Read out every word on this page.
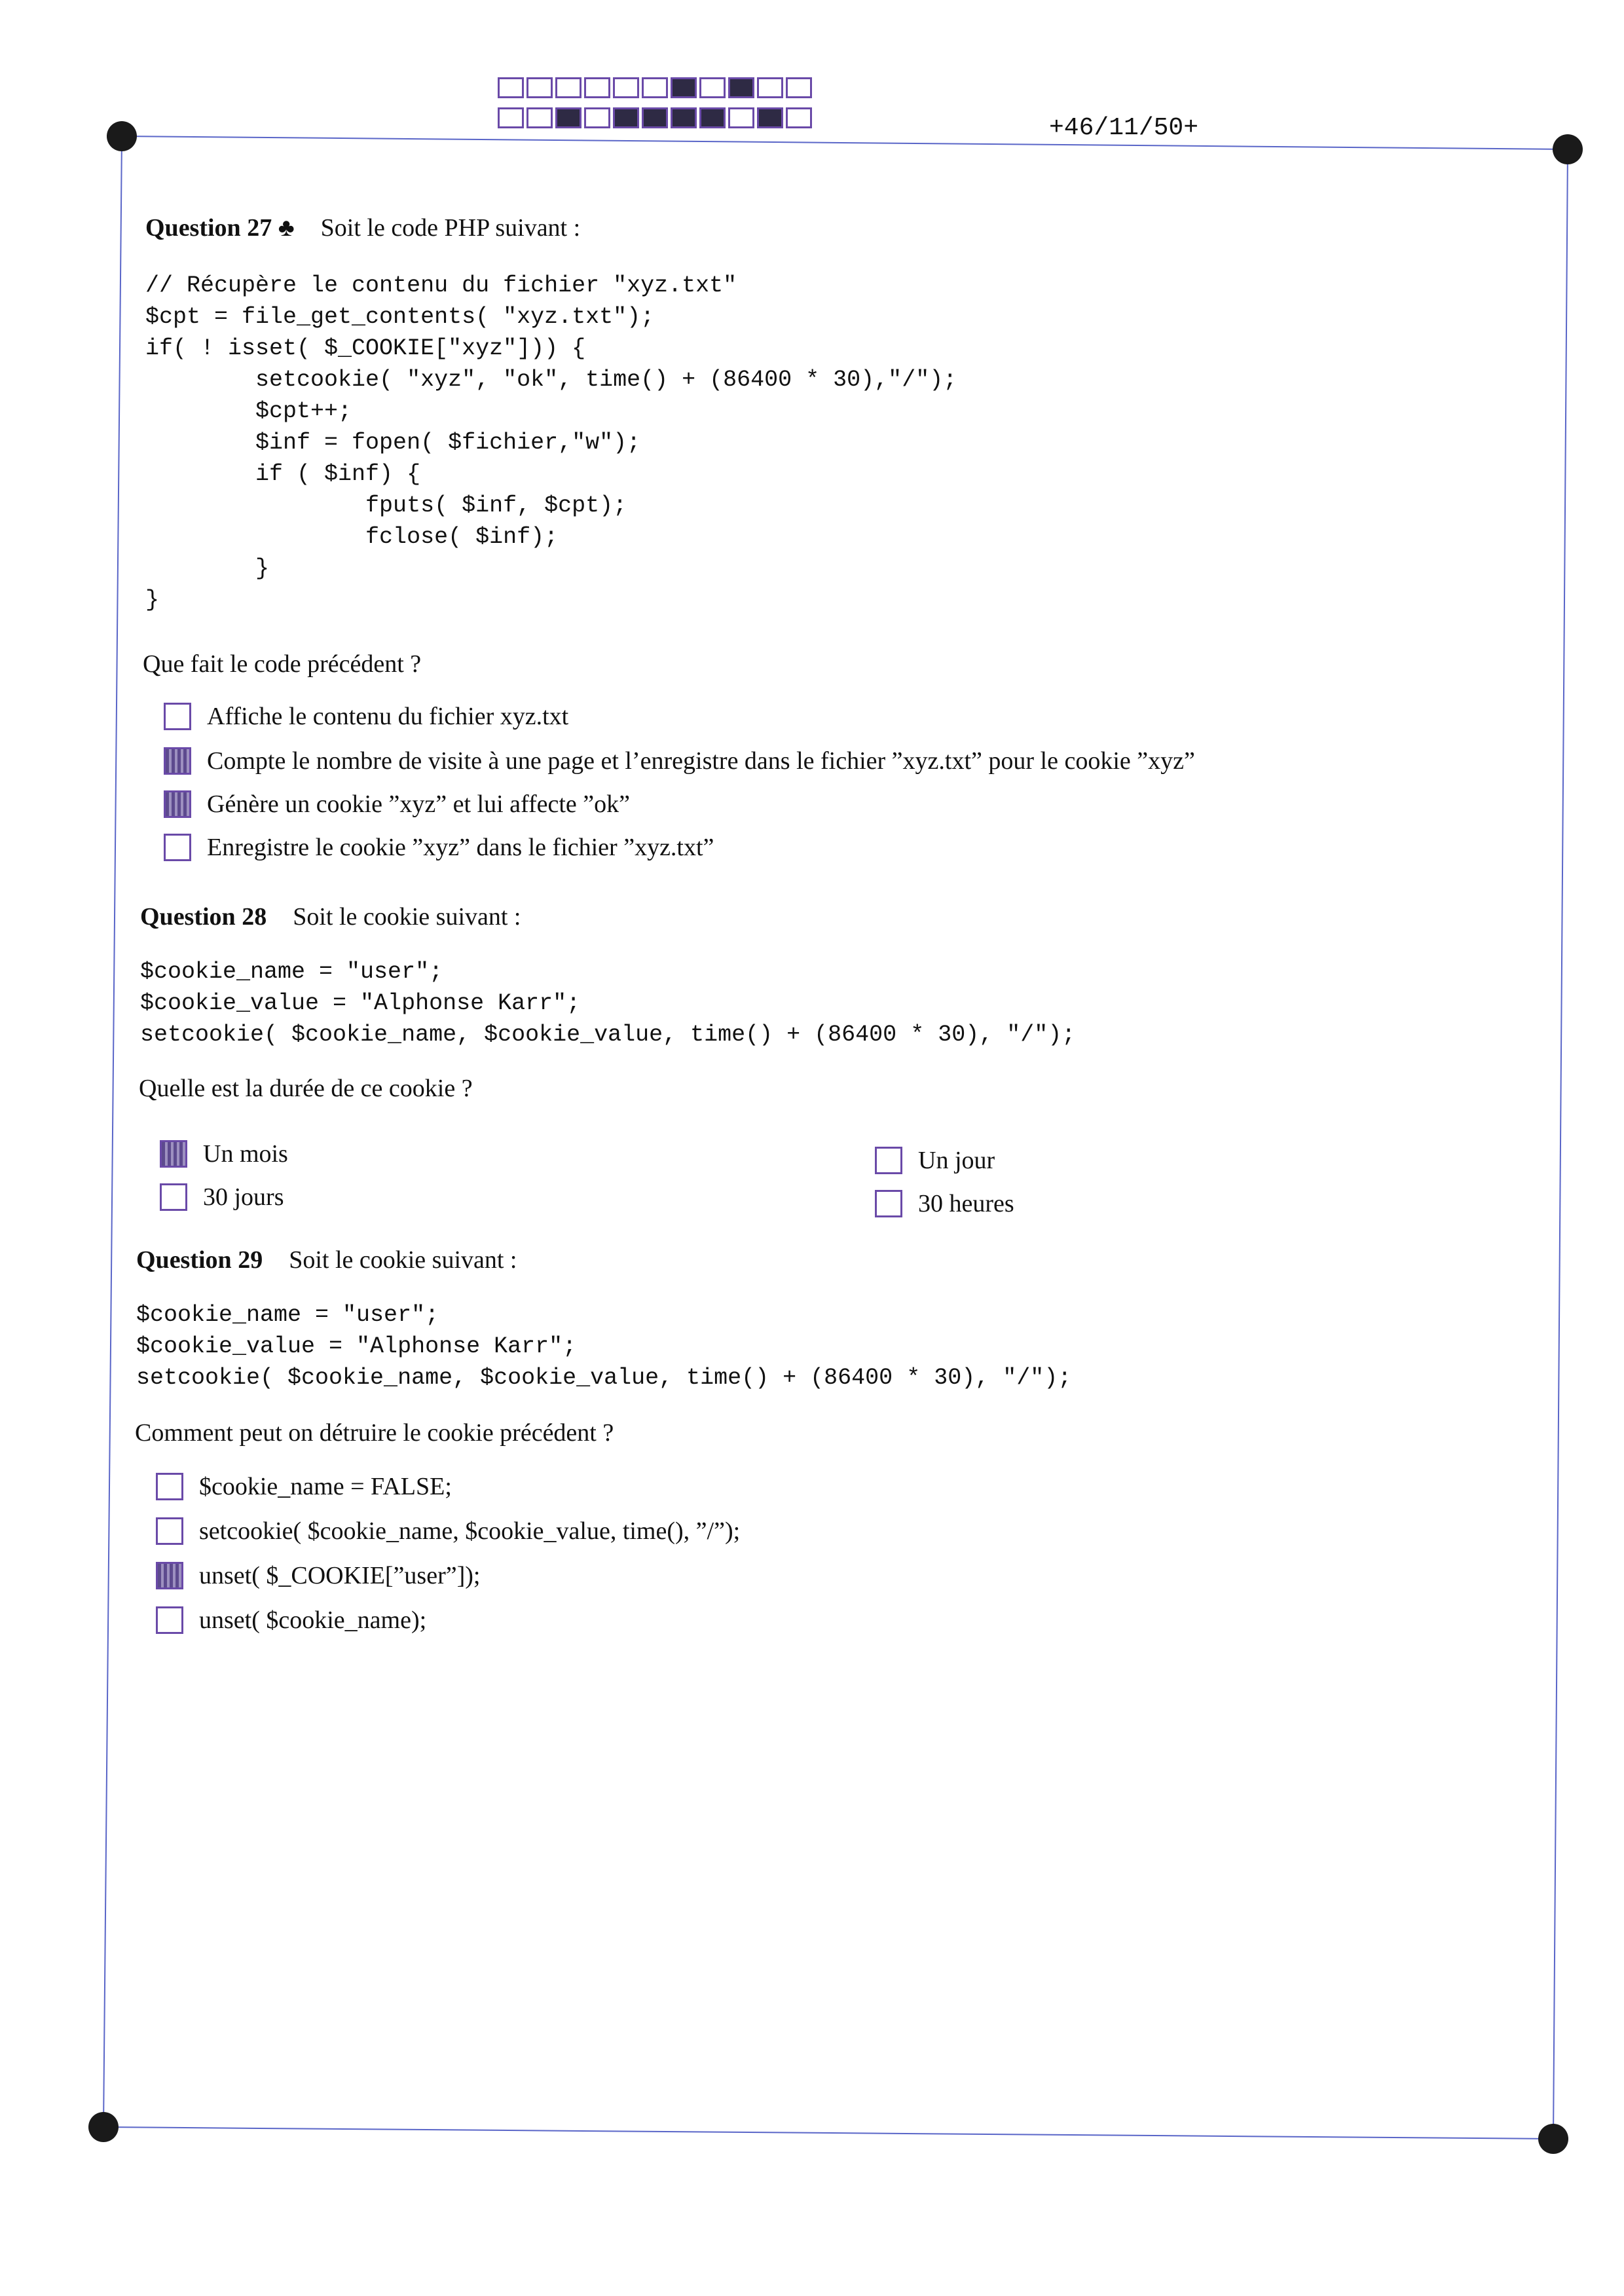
+46/11/50+
Question 27 ♣ Soit le code PHP suivant :
// Récupère le contenu du fichier "xyz.txt"
$cpt = file_get_contents( "xyz.txt");
if( ! isset( $_COOKIE["xyz"])) {
setcookie( "xyz", "ok", time() + (86400 * 30),"/");
$cpt++;
$inf = fopen( $fichier,"w");
if ( $inf) {
fputs( $inf, $cpt);
fclose( $inf);
}
}
Que fait le code précédent ?
Affiche le contenu du fichier xyz.txt
Compte le nombre de visite à une page et l’enregistre dans le fichier ”xyz.txt” pour le cookie ”xyz”
Génère un cookie ”xyz” et lui affecte ”ok”
Enregistre le cookie ”xyz” dans le fichier ”xyz.txt”
Question 28 Soit le cookie suivant :
$cookie_name = "user";
$cookie_value = "Alphonse Karr";
setcookie( $cookie_name, $cookie_value, time() + (86400 * 30), "/");
Quelle est la durée de ce cookie ?
Un mois
30 jours
Un jour
30 heures
Question 29 Soit le cookie suivant :
$cookie_name = "user";
$cookie_value = "Alphonse Karr";
setcookie( $cookie_name, $cookie_value, time() + (86400 * 30), "/");
Comment peut on détruire le cookie précédent ?
$cookie_name = FALSE;
setcookie( $cookie_name, $cookie_value, time(), ”/”);
unset( $_COOKIE[”user”]);
unset( $cookie_name);
